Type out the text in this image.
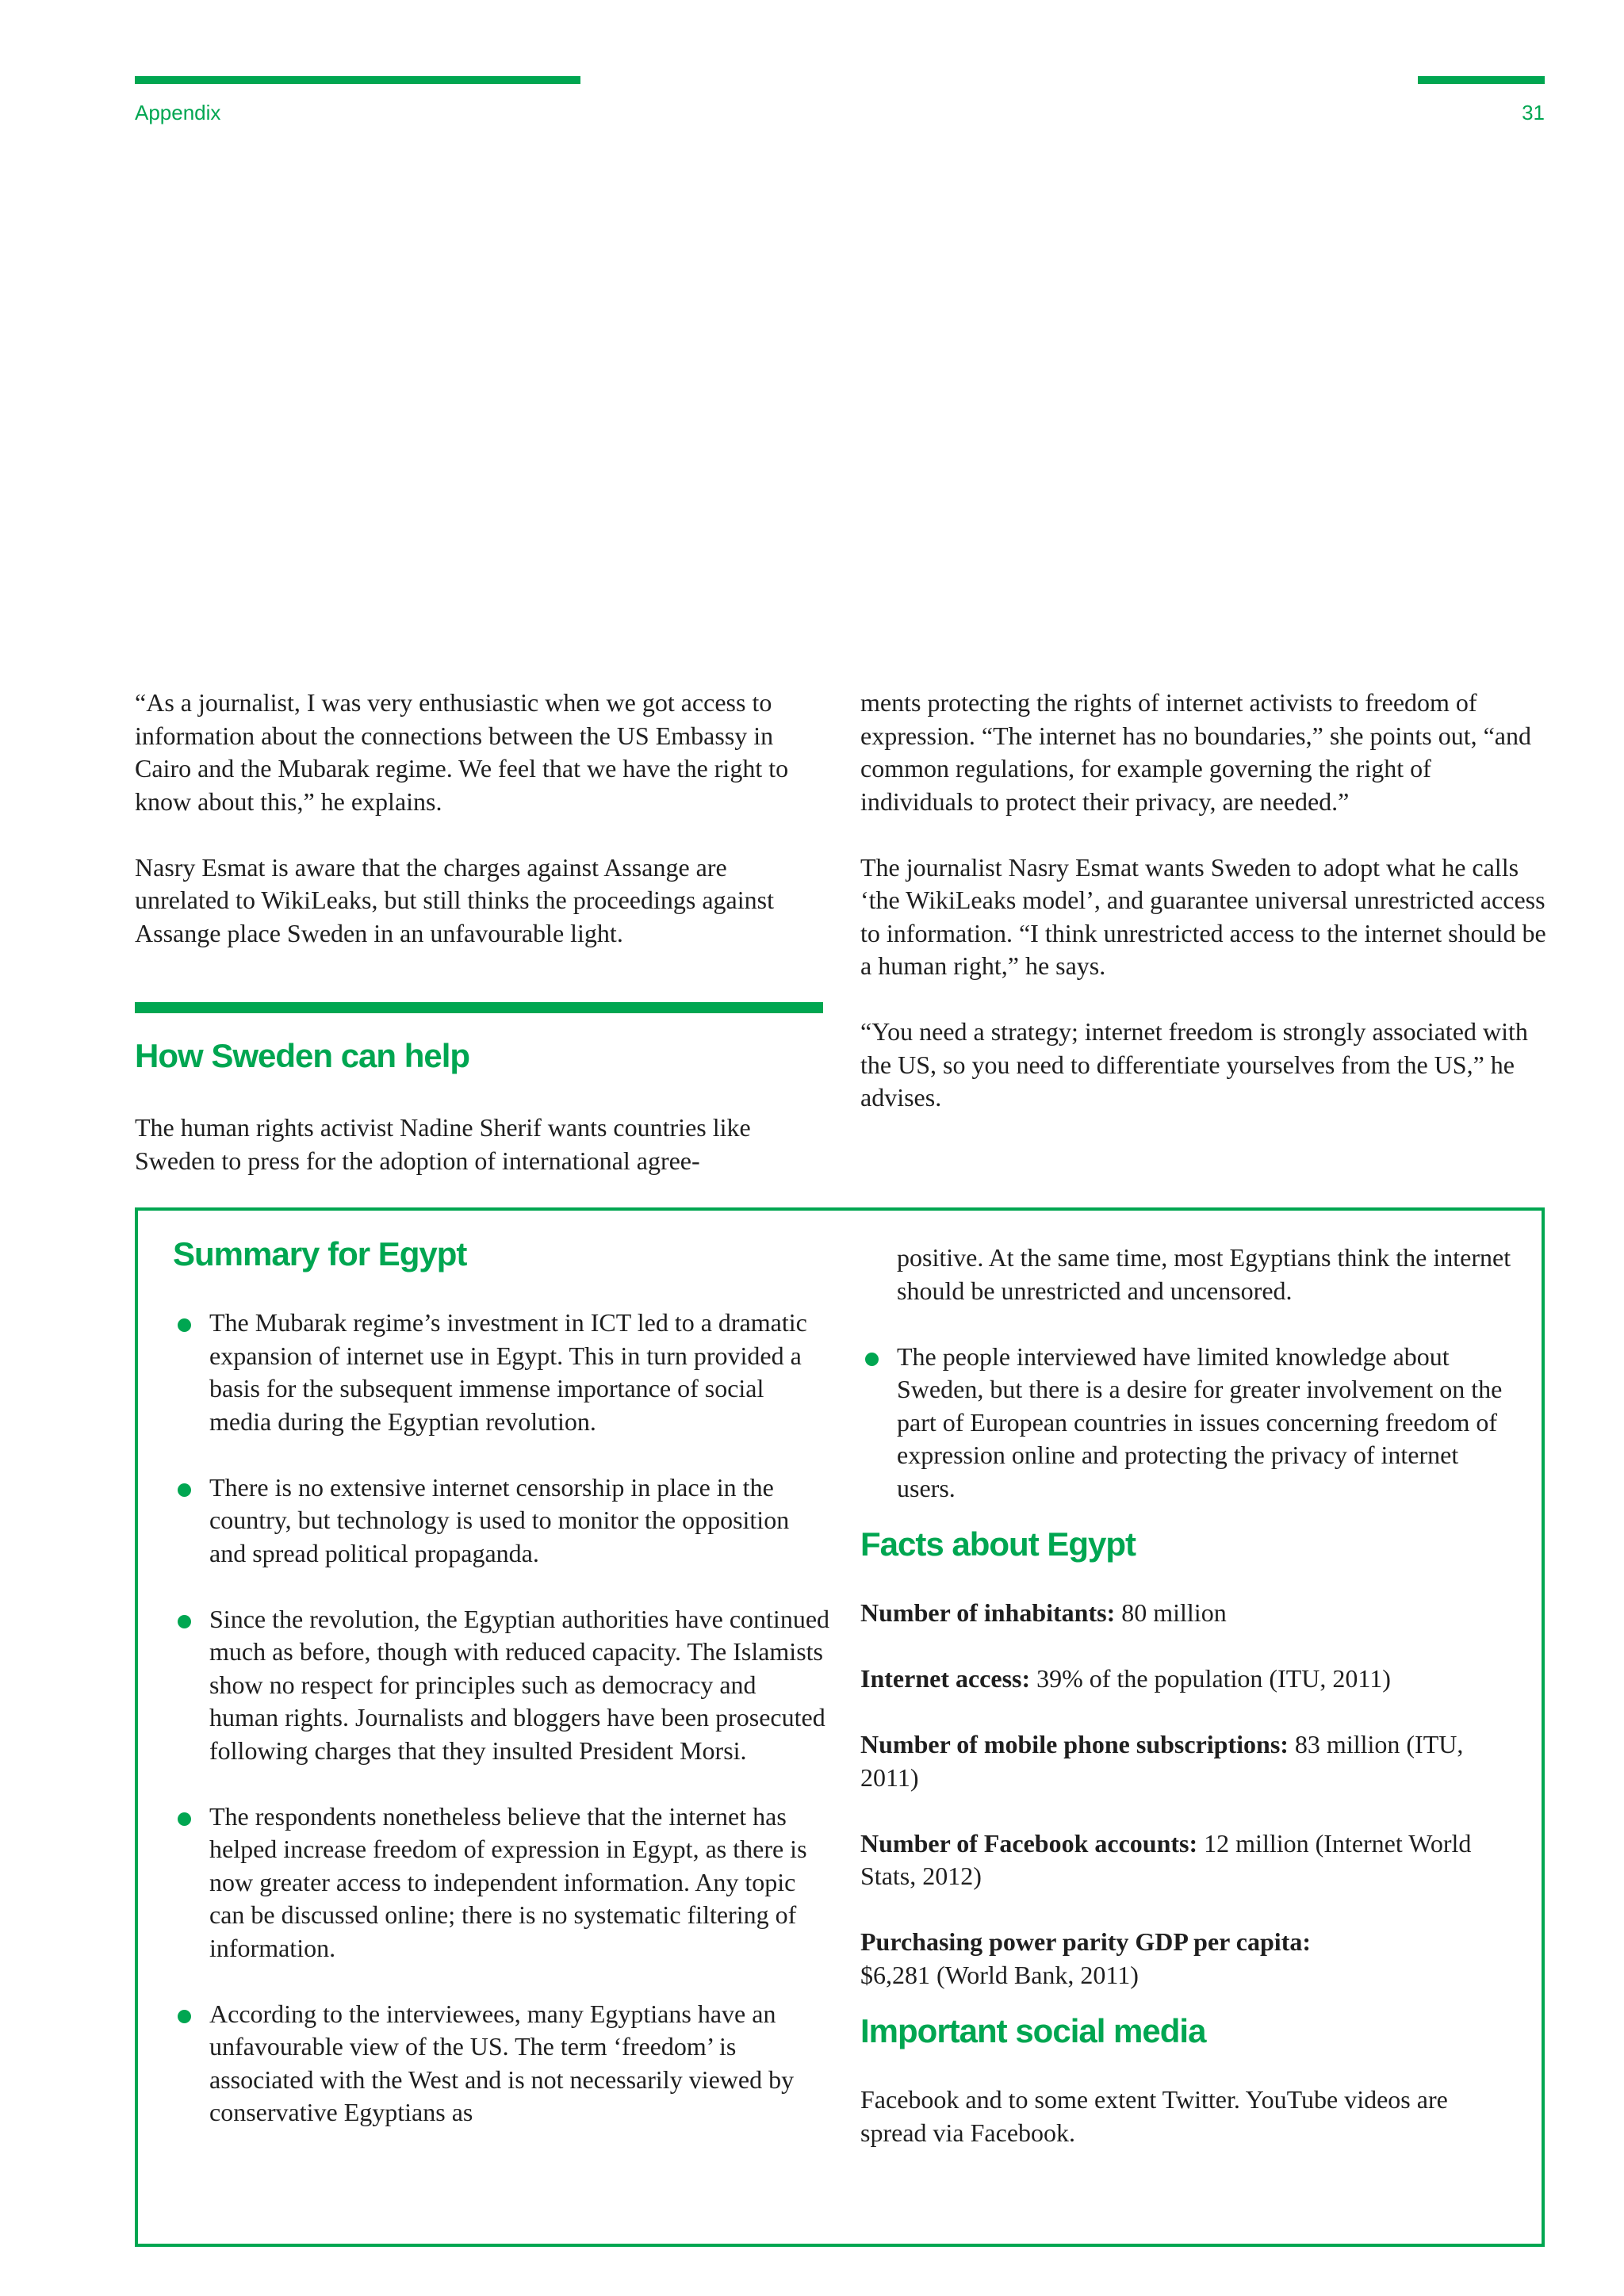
Appendix	31

“As a journalist, I was very enthusiastic when we got access to information about the connections between the US Embassy in Cairo and the Mubarak regime. We feel that we have the right to know about this,” he explains.

Nasry Esmat is aware that the charges against Assange are unrelated to WikiLeaks, but still thinks the proceedings against Assange place Sweden in an unfavourable light.

How Sweden can help

The human rights activist Nadine Sherif wants countries like Sweden to press for the adoption of international agree-

ments protecting the rights of internet activists to freedom of expression. “The internet has no boundaries,” she points out, “and common regulations, for example governing the right of individuals to protect their privacy, are needed.”

The journalist Nasry Esmat wants Sweden to adopt what he calls ‘the WikiLeaks model’, and guarantee universal unrestricted access to information. “I think unrestricted access to the internet should be a human right,” he says.

“You need a strategy; internet freedom is strongly associated with the US, so you need to differentiate yourselves from the US,” he advises.

Summary for Egypt
The Mubarak regime’s investment in ICT led to a dramatic expansion of internet use in Egypt. This in turn provided a basis for the subsequent immense importance of social media during the Egyptian revolution.
There is no extensive internet censorship in place in the country, but technology is used to monitor the opposition and spread political propaganda.
Since the revolution, the Egyptian authorities have continued much as before, though with reduced capacity. The Islamists show no respect for principles such as democracy and human rights. Journalists and bloggers have been prosecuted following charges that they insulted President Morsi.
The respondents nonetheless believe that the internet has helped increase freedom of expression in Egypt, as there is now greater access to independent information. Any topic can be discussed online; there is no systematic filtering of information.
According to the interviewees, many Egyptians have an unfavourable view of the US. The term ‘freedom’ is associated with the West and is not necessarily viewed by conservative Egyptians as

positive. At the same time, most Egyptians think the internet should be unrestricted and uncensored.

The people interviewed have limited knowledge about Sweden, but there is a desire for greater involvement on the part of European countries in issues concerning freedom of expression online and protecting the privacy of internet users.
Facts about Egypt

Number of inhabitants: 80 million

Internet access: 39% of the population (ITU, 2011)

Number of mobile phone subscriptions: 83 million (ITU, 2011)

Number of Facebook accounts: 12 million (Internet World Stats, 2012)

Purchasing power parity GDP per capita:
$6,281 (World Bank, 2011)

Important social media

Facebook and to some extent Twitter. YouTube videos are spread via Facebook.
